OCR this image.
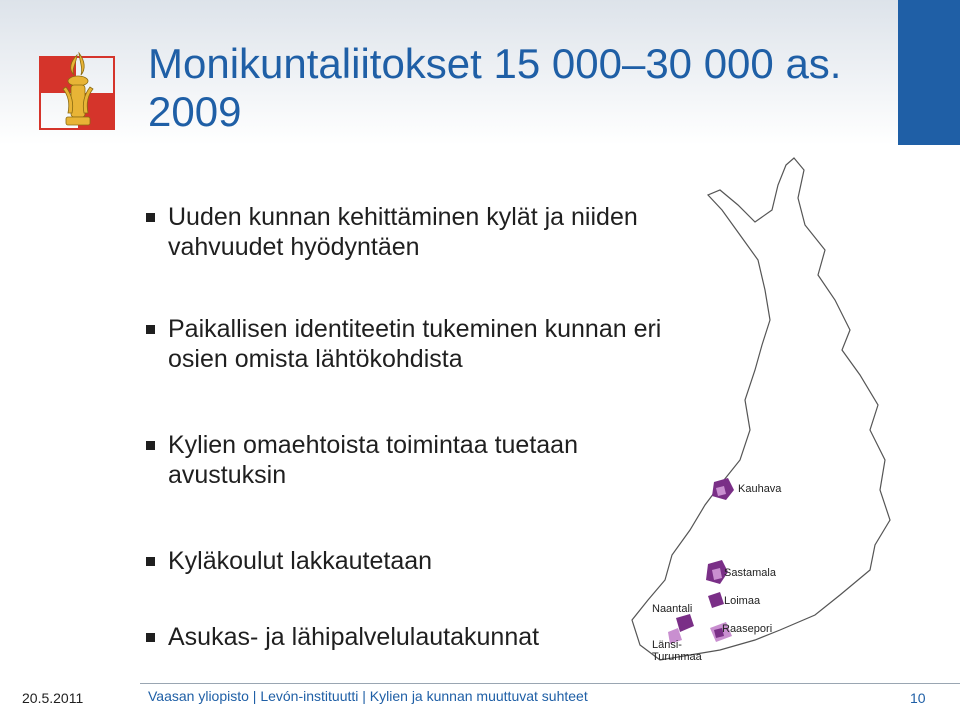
Monikuntaliitokset 15 000–30 000 as. 2009
Uuden kunnan kehittäminen kylät ja niiden vahvuudet hyödyntäen
Paikallisen identiteetin tukeminen kunnan eri osien omista lähtökohdista
Kylien omaehtoista toimintaa tuetaan avustuksin
Kyläkoulut lakkautetaan
Asukas- ja lähipalvelulautakunnat
Kauhava
Sastamala
Loimaa
Naantali
Raasepori
Länsi-
Turunmaa
20.5.2011	Vaasan yliopisto | Levón-instituutti | Kylien ja kunnan muuttuvat suhteet	10
